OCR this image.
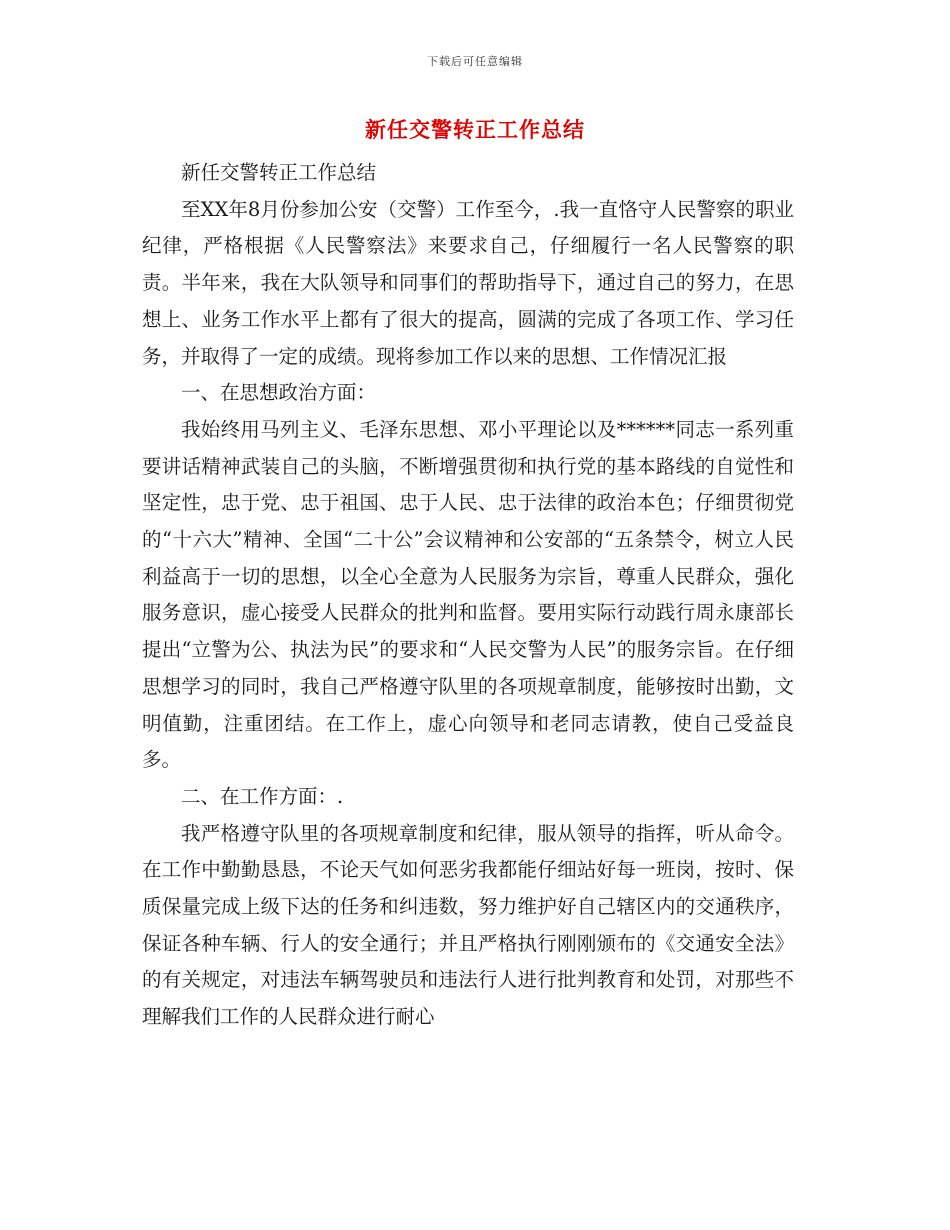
下载后可任意编辑
新任交警转正工作总结

新任交警转正工作总结

至XX年8月份参加公安（交警）工作至今，.我一直恪守人民警察的职业纪律，严格根据《人民警察法》来要求自己，仔细履行一名人民警察的职责。半年来，我在大队领导和同事们的帮助指导下，通过自己的努力，在思想上、业务工作水平上都有了很大的提高，圆满的完成了各项工作、学习任务，并取得了一定的成绩。现将参加工作以来的思想、工作情况汇报

一、在思想政治方面：

我始终用马列主义、毛泽东思想、邓小平理论以及******同志一系列重要讲话精神武装自己的头脑，不断增强贯彻和执行党的基本路线的自觉性和坚定性，忠于党、忠于祖国、忠于人民、忠于法律的政治本色；仔细贯彻党的“十六大”精神、全国“二十公”会议精神和公安部的“五条禁令，树立人民利益高于一切的思想，以全心全意为人民服务为宗旨，尊重人民群众，强化服务意识，虚心接受人民群众的批判和监督。要用实际行动践行周永康部长提出“立警为公、执法为民”的要求和“人民交警为人民”的服务宗旨。在仔细思想学习的同时，我自己严格遵守队里的各项规章制度，能够按时出勤，文明值勤，注重团结。在工作上，虚心向领导和老同志请教，使自己受益良多。

二、在工作方面：.

我严格遵守队里的各项规章制度和纪律，服从领导的指挥，听从命令。在工作中勤勤恳恳，不论天气如何恶劣我都能仔细站好每一班岗，按时、保质保量完成上级下达的任务和纠违数，努力维护好自己辖区内的交通秩序，保证各种车辆、行人的安全通行；并且严格执行刚刚颁布的《交通安全法》的有关规定，对违法车辆驾驶员和违法行人进行批判教育和处罚，对那些不理解我们工作的人民群众进行耐心
